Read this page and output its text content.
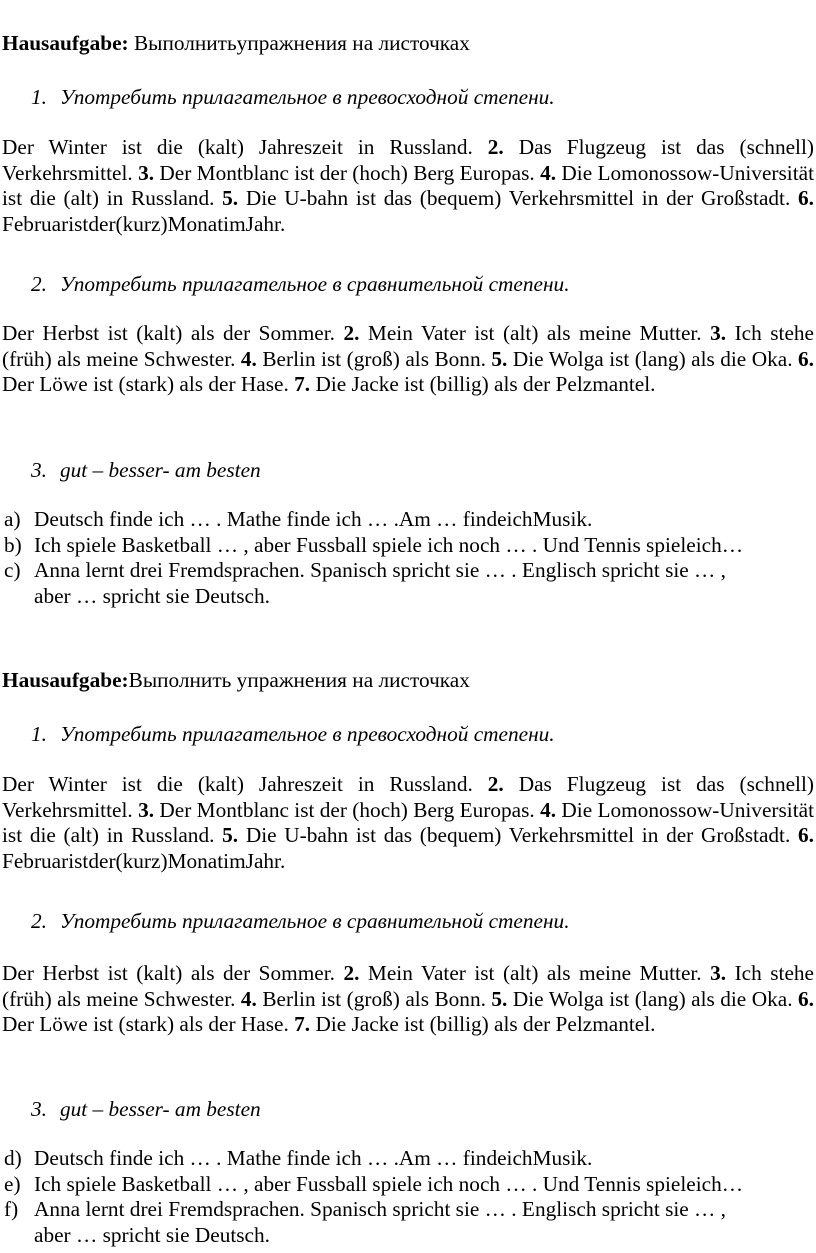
Hausaufgabe: Выполнитьупражнения на листочках
1. Употребить прилагательное в превосходной степени.

Der Winter ist die (kalt) Jahreszeit in Russland. 2. Das Flugzeug ist das (schnell) Verkehrsmittel. 3. Der Montblanc ist der (hoch) Berg Europas. 4. Die Lomonossow-Universität ist die (alt) in Russland. 5. Die U-bahn ist das (bequem) Verkehrsmittel in der Großstadt. 6. Februaristder(kurz)MonatimJahr.

2. Употребить прилагательное в сравнительной степени.

Der Herbst ist (kalt) als der Sommer. 2. Mein Vater ist (alt) als meine Mutter. 3. Ich stehe (früh) als meine Schwester. 4. Berlin ist (groß) als Bonn. 5. Die Wolga ist (lang) als die Oka. 6. Der Löwe ist (stark) als der Hase. 7. Die Jacke ist (billig) als der Pelzmantel.

3. gut – besser- am besten
a) Deutsch finde ich … . Mathe finde ich … .Am … findeichMusik.
b) Ich spiele Basketball … , aber Fussball spiele ich noch … . Und Tennis spieleich…
c) Anna lernt drei Fremdsprachen. Spanisch spricht sie … . Englisch spricht sie … ,
aber … spricht sie Deutsch.
Hausaufgabe:Выполнить упражнения на листочках
1. Употребить прилагательное в превосходной степени.

Der Winter ist die (kalt) Jahreszeit in Russland. 2. Das Flugzeug ist das (schnell) Verkehrsmittel. 3. Der Montblanc ist der (hoch) Berg Europas. 4. Die Lomonossow-Universität ist die (alt) in Russland. 5. Die U-bahn ist das (bequem) Verkehrsmittel in der Großstadt. 6. Februaristder(kurz)MonatimJahr.

2. Употребить прилагательное в сравнительной степени.

Der Herbst ist (kalt) als der Sommer. 2. Mein Vater ist (alt) als meine Mutter. 3. Ich stehe (früh) als meine Schwester. 4. Berlin ist (groß) als Bonn. 5. Die Wolga ist (lang) als die Oka. 6. Der Löwe ist (stark) als der Hase. 7. Die Jacke ist (billig) als der Pelzmantel.

3. gut – besser- am besten
d) Deutsch finde ich … . Mathe finde ich … .Am … findeichMusik.
e) Ich spiele Basketball … , aber Fussball spiele ich noch … . Und Tennis spieleich…
f) Anna lernt drei Fremdsprachen. Spanisch spricht sie … . Englisch spricht sie … ,
aber … spricht sie Deutsch.
